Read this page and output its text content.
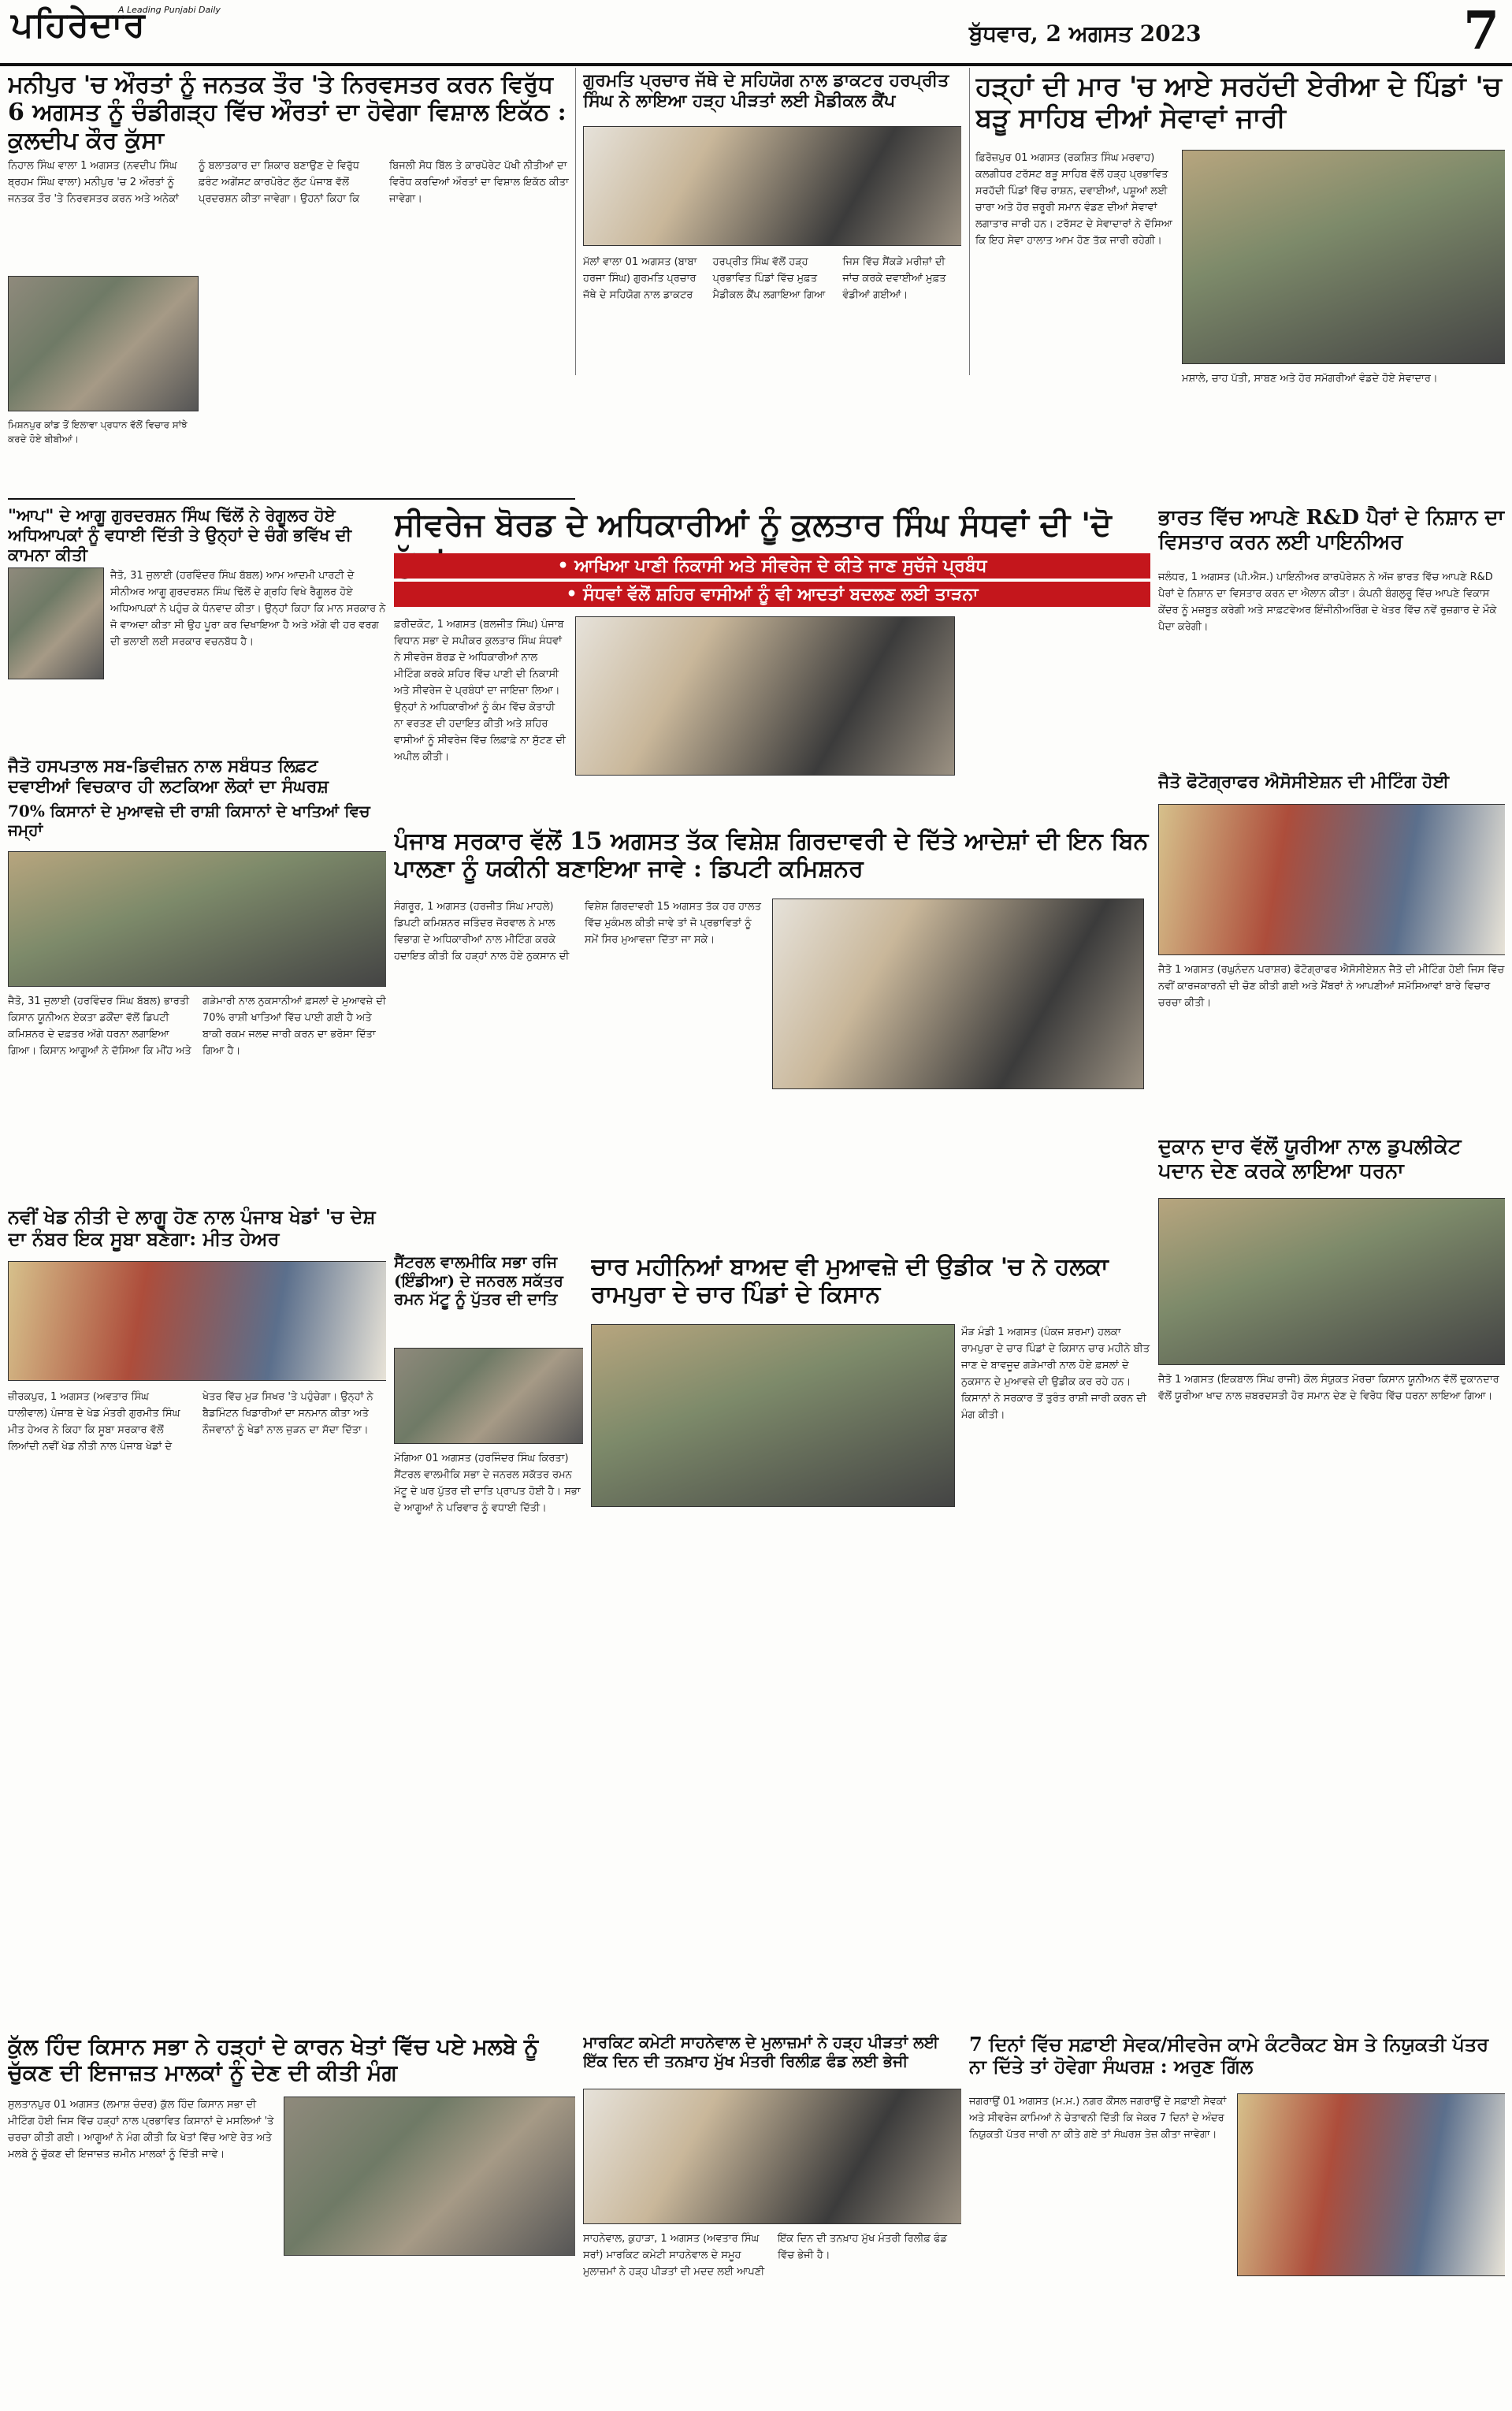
ਪਹਿਰੇਦਾਰ
A Leading Punjabi Daily
ਬੁੱਧਵਾਰ, 2 ਅਗਸਤ 2023	7
ਮਨੀਪੁਰ 'ਚ ਔਰਤਾਂ ਨੂੰ ਜਨਤਕ ਤੌਰ 'ਤੇ ਨਿਰਵਸਤਰ ਕਰਨ ਵਿਰੁੱਧ 6 ਅਗਸਤ ਨੂੰ ਚੰਡੀਗੜ੍ਹ ਵਿੱਚ ਔਰਤਾਂ ਦਾ ਹੋਵੇਗਾ ਵਿਸ਼ਾਲ ਇਕੱਠ : ਕੁਲਦੀਪ ਕੌਰ ਕੁੱਸਾ

ਨਿਹਾਲ ਸਿੰਘ ਵਾਲਾ 1 ਅਗਸਤ (ਨਵਦੀਪ ਸਿੰਘ ਬ੍ਰਹਮ ਸਿੰਘ ਵਾਲਾ) ਮਨੀਪੁਰ 'ਚ 2 ਔਰਤਾਂ ਨੂੰ ਜਨਤਕ ਤੌਰ 'ਤੇ ਨਿਰਵਸਤਰ ਕਰਨ ਅਤੇ ਅਨੇਕਾਂ ਨੂੰ ਬਲਾਤਕਾਰ ਦਾ ਸ਼ਿਕਾਰ ਬਣਾਉਣ ਦੇ ਵਿਰੁੱਧ ਫ਼ਰੰਟ ਅਗੇਂਸਟ ਕਾਰਪੋਰੇਟ ਲੁੱਟ ਪੰਜਾਬ ਵੱਲੋਂ ਪ੍ਰਦਰਸ਼ਨ ਕੀਤਾ ਜਾਵੇਗਾ। ਉਹਨਾਂ ਕਿਹਾ ਕਿ ਬਿਜਲੀ ਸੋਧ ਬਿੱਲ ਤੇ ਕਾਰਪੋਰੇਟ ਪੱਖੀ ਨੀਤੀਆਂ ਦਾ ਵਿਰੋਧ ਕਰਦਿਆਂ ਔਰਤਾਂ ਦਾ ਵਿਸ਼ਾਲ ਇਕੱਠ ਕੀਤਾ ਜਾਵੇਗਾ।

ਮਿਸ਼ਨਪੁਰ ਕਾਂਡ ਤੋਂ ਇਲਾਵਾ ਪ੍ਰਧਾਨ ਵੱਲੋਂ ਵਿਚਾਰ ਸਾਂਝੇ ਕਰਦੇ ਹੋਏ ਬੀਬੀਆਂ।

ਗੁਰਮਤਿ ਪ੍ਰਚਾਰ ਜੱਥੇ ਦੇ ਸਹਿਯੋਗ ਨਾਲ ਡਾਕਟਰ ਹਰਪ੍ਰੀਤ ਸਿੰਘ ਨੇ ਲਾਇਆ ਹੜ੍ਹ ਪੀੜਤਾਂ ਲਈ ਮੈਡੀਕਲ ਕੈਂਪ

ਮੱਲਾਂ ਵਾਲਾ 01 ਅਗਸਤ (ਬਾਬਾ ਹਰਜਾ ਸਿੰਘ) ਗੁਰਮਤਿ ਪ੍ਰਚਾਰ ਜੱਥੇ ਦੇ ਸਹਿਯੋਗ ਨਾਲ ਡਾਕਟਰ ਹਰਪ੍ਰੀਤ ਸਿੰਘ ਵੱਲੋਂ ਹੜ੍ਹ ਪ੍ਰਭਾਵਿਤ ਪਿੰਡਾਂ ਵਿੱਚ ਮੁਫ਼ਤ ਮੈਡੀਕਲ ਕੈਂਪ ਲਗਾਇਆ ਗਿਆ ਜਿਸ ਵਿੱਚ ਸੈਂਕੜੇ ਮਰੀਜ਼ਾਂ ਦੀ ਜਾਂਚ ਕਰਕੇ ਦਵਾਈਆਂ ਮੁਫ਼ਤ ਵੰਡੀਆਂ ਗਈਆਂ।

ਹੜ੍ਹਾਂ ਦੀ ਮਾਰ 'ਚ ਆਏ ਸਰਹੱਦੀ ਏਰੀਆ ਦੇ ਪਿੰਡਾਂ 'ਚ ਬੜੂ ਸਾਹਿਬ ਦੀਆਂ ਸੇਵਾਵਾਂ ਜਾਰੀ

ਫ਼ਿਰੋਜ਼ਪੁਰ 01 ਅਗਸਤ (ਰਕਸ਼ਿਤ ਸਿੰਘ ਮਰਵਾਹ) ਕਲਗੀਧਰ ਟਰੱਸਟ ਬੜੂ ਸਾਹਿਬ ਵੱਲੋਂ ਹੜ੍ਹ ਪ੍ਰਭਾਵਿਤ ਸਰਹੱਦੀ ਪਿੰਡਾਂ ਵਿੱਚ ਰਾਸ਼ਨ, ਦਵਾਈਆਂ, ਪਸ਼ੂਆਂ ਲਈ ਚਾਰਾ ਅਤੇ ਹੋਰ ਜ਼ਰੂਰੀ ਸਮਾਨ ਵੰਡਣ ਦੀਆਂ ਸੇਵਾਵਾਂ ਲਗਾਤਾਰ ਜਾਰੀ ਹਨ। ਟਰੱਸਟ ਦੇ ਸੇਵਾਦਾਰਾਂ ਨੇ ਦੱਸਿਆ ਕਿ ਇਹ ਸੇਵਾ ਹਾਲਾਤ ਆਮ ਹੋਣ ਤੱਕ ਜਾਰੀ ਰਹੇਗੀ।

ਮਸ਼ਾਲੇ, ਚਾਹ ਪੱਤੀ, ਸਾਬਣ ਅਤੇ ਹੋਰ ਸਮੱਗਰੀਆਂ ਵੰਡਦੇ ਹੋਏ ਸੇਵਾਦਾਰ।

"ਆਪ" ਦੇ ਆਗੂ ਗੁਰਦਰਸ਼ਨ ਸਿੰਘ ਢਿੱਲੋਂ ਨੇ ਰੇਗੂਲਰ ਹੋਏ ਅਧਿਆਪਕਾਂ ਨੂੰ ਵਧਾਈ ਦਿੱਤੀ ਤੇ ਉਨ੍ਹਾਂ ਦੇ ਚੰਗੇ ਭਵਿੱਖ ਦੀ ਕਾਮਨਾ ਕੀਤੀ

ਜੈਤੋ, 31 ਜੁਲਾਈ (ਹਰਵਿੰਦਰ ਸਿੰਘ ਬੱਬਲ) ਆਮ ਆਦਮੀ ਪਾਰਟੀ ਦੇ ਸੀਨੀਅਰ ਆਗੂ ਗੁਰਦਰਸ਼ਨ ਸਿੰਘ ਢਿੱਲੋਂ ਦੇ ਗ੍ਰਹਿ ਵਿਖੇ ਰੈਗੂਲਰ ਹੋਏ ਅਧਿਆਪਕਾਂ ਨੇ ਪਹੁੰਚ ਕੇ ਧੰਨਵਾਦ ਕੀਤਾ। ਉਨ੍ਹਾਂ ਕਿਹਾ ਕਿ ਮਾਨ ਸਰਕਾਰ ਨੇ ਜੋ ਵਾਅਦਾ ਕੀਤਾ ਸੀ ਉਹ ਪੂਰਾ ਕਰ ਦਿਖਾਇਆ ਹੈ ਅਤੇ ਅੱਗੇ ਵੀ ਹਰ ਵਰਗ ਦੀ ਭਲਾਈ ਲਈ ਸਰਕਾਰ ਵਚਨਬੱਧ ਹੈ।

ਸੀਵਰੇਜ ਬੋਰਡ ਦੇ ਅਧਿਕਾਰੀਆਂ ਨੂੰ ਕੁਲਤਾਰ ਸਿੰਘ ਸੰਧਵਾਂ ਦੀ 'ਦੋ
• ਆਖਿਆ ਪਾਣੀ ਨਿਕਾਸੀ ਅਤੇ ਸੀਵਰੇਜ ਦੇ ਕੀਤੇ ਜਾਣ ਸੁਚੱਜੇ ਪ੍ਰਬੰਧ
• ਸੰਧਵਾਂ ਵੱਲੋਂ ਸ਼ਹਿਰ ਵਾਸੀਆਂ ਨੂੰ ਵੀ ਆਦਤਾਂ ਬਦਲਣ ਲਈ ਤਾੜਨਾ

ਫ਼ਰੀਦਕੋਟ, 1 ਅਗਸਤ (ਬਲਜੀਤ ਸਿੰਘ) ਪੰਜਾਬ ਵਿਧਾਨ ਸਭਾ ਦੇ ਸਪੀਕਰ ਕੁਲਤਾਰ ਸਿੰਘ ਸੰਧਵਾਂ ਨੇ ਸੀਵਰੇਜ ਬੋਰਡ ਦੇ ਅਧਿਕਾਰੀਆਂ ਨਾਲ ਮੀਟਿੰਗ ਕਰਕੇ ਸ਼ਹਿਰ ਵਿੱਚ ਪਾਣੀ ਦੀ ਨਿਕਾਸੀ ਅਤੇ ਸੀਵਰੇਜ ਦੇ ਪ੍ਰਬੰਧਾਂ ਦਾ ਜਾਇਜ਼ਾ ਲਿਆ। ਉਨ੍ਹਾਂ ਨੇ ਅਧਿਕਾਰੀਆਂ ਨੂੰ ਕੰਮ ਵਿੱਚ ਕੋਤਾਹੀ ਨਾ ਵਰਤਣ ਦੀ ਹਦਾਇਤ ਕੀਤੀ ਅਤੇ ਸ਼ਹਿਰ ਵਾਸੀਆਂ ਨੂੰ ਸੀਵਰੇਜ ਵਿੱਚ ਲਿਫ਼ਾਫ਼ੇ ਨਾ ਸੁੱਟਣ ਦੀ ਅਪੀਲ ਕੀਤੀ।

ਭਾਰਤ ਵਿੱਚ ਆਪਣੇ R&D ਪੈਰਾਂ ਦੇ ਨਿਸ਼ਾਨ ਦਾ ਵਿਸਤਾਰ ਕਰਨ ਲਈ ਪਾਇਨੀਅਰ

ਜਲੰਧਰ, 1 ਅਗਸਤ (ਪੀ.ਐਸ.) ਪਾਇਨੀਅਰ ਕਾਰਪੋਰੇਸ਼ਨ ਨੇ ਅੱਜ ਭਾਰਤ ਵਿੱਚ ਆਪਣੇ R&D ਪੈਰਾਂ ਦੇ ਨਿਸ਼ਾਨ ਦਾ ਵਿਸਤਾਰ ਕਰਨ ਦਾ ਐਲਾਨ ਕੀਤਾ। ਕੰਪਨੀ ਬੰਗਲੁਰੂ ਵਿੱਚ ਆਪਣੇ ਵਿਕਾਸ ਕੇਂਦਰ ਨੂੰ ਮਜ਼ਬੂਤ ਕਰੇਗੀ ਅਤੇ ਸਾਫ਼ਟਵੇਅਰ ਇੰਜੀਨੀਅਰਿੰਗ ਦੇ ਖੇਤਰ ਵਿੱਚ ਨਵੇਂ ਰੁਜ਼ਗਾਰ ਦੇ ਮੌਕੇ ਪੈਦਾ ਕਰੇਗੀ।

ਜੈਤੋ ਹਸਪਤਾਲ ਸਬ-ਡਿਵੀਜ਼ਨ ਨਾਲ ਸਬੰਧਤ ਲਿਫ਼ਟ ਦਵਾਈਆਂ ਵਿਚਕਾਰ ਹੀ ਲਟਕਿਆ ਲੋਕਾਂ ਦਾ ਸੰਘਰਸ਼
70% ਕਿਸਾਨਾਂ ਦੇ ਮੁਆਵਜ਼ੇ ਦੀ ਰਾਸ਼ੀ ਕਿਸਾਨਾਂ ਦੇ ਖਾਤਿਆਂ ਵਿਚ ਜਮ੍ਹਾਂ

ਜੈਤੋ, 31 ਜੁਲਾਈ (ਹਰਵਿੰਦਰ ਸਿੰਘ ਬੱਬਲ) ਭਾਰਤੀ ਕਿਸਾਨ ਯੂਨੀਅਨ ਏਕਤਾ ਡਕੌਂਦਾ ਵੱਲੋਂ ਡਿਪਟੀ ਕਮਿਸ਼ਨਰ ਦੇ ਦਫ਼ਤਰ ਅੱਗੇ ਧਰਨਾ ਲਗਾਇਆ ਗਿਆ। ਕਿਸਾਨ ਆਗੂਆਂ ਨੇ ਦੱਸਿਆ ਕਿ ਮੀਂਹ ਅਤੇ ਗੜੇਮਾਰੀ ਨਾਲ ਨੁਕਸਾਨੀਆਂ ਫ਼ਸਲਾਂ ਦੇ ਮੁਆਵਜ਼ੇ ਦੀ 70% ਰਾਸ਼ੀ ਖਾਤਿਆਂ ਵਿੱਚ ਪਾਈ ਗਈ ਹੈ ਅਤੇ ਬਾਕੀ ਰਕਮ ਜਲਦ ਜਾਰੀ ਕਰਨ ਦਾ ਭਰੋਸਾ ਦਿੱਤਾ ਗਿਆ ਹੈ।

ਜੈਤੋ ਫੋਟੋਗ੍ਰਾਫਰ ਐਸੋਸੀਏਸ਼ਨ ਦੀ ਮੀਟਿੰਗ ਹੋਈ

ਜੈਤੋ 1 ਅਗਸਤ (ਰਘੁਨੰਦਨ ਪਰਾਸ਼ਰ) ਫੋਟੋਗ੍ਰਾਫਰ ਐਸੋਸੀਏਸ਼ਨ ਜੈਤੋ ਦੀ ਮੀਟਿੰਗ ਹੋਈ ਜਿਸ ਵਿੱਚ ਨਵੀਂ ਕਾਰਜਕਾਰਨੀ ਦੀ ਚੋਣ ਕੀਤੀ ਗਈ ਅਤੇ ਮੈਂਬਰਾਂ ਨੇ ਆਪਣੀਆਂ ਸਮੱਸਿਆਵਾਂ ਬਾਰੇ ਵਿਚਾਰ ਚਰਚਾ ਕੀਤੀ।

ਪੰਜਾਬ ਸਰਕਾਰ ਵੱਲੋਂ 15 ਅਗਸਤ ਤੱਕ ਵਿਸ਼ੇਸ਼ ਗਿਰਦਾਵਰੀ ਦੇ ਦਿੱਤੇ ਆਦੇਸ਼ਾਂ ਦੀ ਇਨ ਬਿਨ ਪਾਲਣਾ ਨੂੰ ਯਕੀਨੀ ਬਣਾਇਆ ਜਾਵੇ : ਡਿਪਟੀ ਕਮਿਸ਼ਨਰ

ਸੰਗਰੂਰ, 1 ਅਗਸਤ (ਹਰਜੀਤ ਸਿੰਘ ਮਾਹਲੇ) ਡਿਪਟੀ ਕਮਿਸ਼ਨਰ ਜਤਿੰਦਰ ਜੋਰਵਾਲ ਨੇ ਮਾਲ ਵਿਭਾਗ ਦੇ ਅਧਿਕਾਰੀਆਂ ਨਾਲ ਮੀਟਿੰਗ ਕਰਕੇ ਹਦਾਇਤ ਕੀਤੀ ਕਿ ਹੜ੍ਹਾਂ ਨਾਲ ਹੋਏ ਨੁਕਸਾਨ ਦੀ ਵਿਸ਼ੇਸ਼ ਗਿਰਦਾਵਰੀ 15 ਅਗਸਤ ਤੱਕ ਹਰ ਹਾਲਤ ਵਿੱਚ ਮੁਕੰਮਲ ਕੀਤੀ ਜਾਵੇ ਤਾਂ ਜੋ ਪ੍ਰਭਾਵਿਤਾਂ ਨੂੰ ਸਮੇਂ ਸਿਰ ਮੁਆਵਜ਼ਾ ਦਿੱਤਾ ਜਾ ਸਕੇ।

ਨਵੀਂ ਖੇਡ ਨੀਤੀ ਦੇ ਲਾਗੂ ਹੋਣ ਨਾਲ ਪੰਜਾਬ ਖੇਡਾਂ 'ਚ ਦੇਸ਼ ਦਾ ਨੰਬਰ ਇਕ ਸੂਬਾ ਬਣੇਗਾ: ਮੀਤ ਹੇਅਰ

ਜ਼ੀਰਕਪੁਰ, 1 ਅਗਸਤ (ਅਵਤਾਰ ਸਿੰਘ ਧਾਲੀਵਾਲ) ਪੰਜਾਬ ਦੇ ਖੇਡ ਮੰਤਰੀ ਗੁਰਮੀਤ ਸਿੰਘ ਮੀਤ ਹੇਅਰ ਨੇ ਕਿਹਾ ਕਿ ਸੂਬਾ ਸਰਕਾਰ ਵੱਲੋਂ ਲਿਆਂਦੀ ਨਵੀਂ ਖੇਡ ਨੀਤੀ ਨਾਲ ਪੰਜਾਬ ਖੇਡਾਂ ਦੇ ਖੇਤਰ ਵਿੱਚ ਮੁੜ ਸਿਖਰ 'ਤੇ ਪਹੁੰਚੇਗਾ। ਉਨ੍ਹਾਂ ਨੇ ਬੈਡਮਿੰਟਨ ਖਿਡਾਰੀਆਂ ਦਾ ਸਨਮਾਨ ਕੀਤਾ ਅਤੇ ਨੌਜਵਾਨਾਂ ਨੂੰ ਖੇਡਾਂ ਨਾਲ ਜੁੜਨ ਦਾ ਸੱਦਾ ਦਿੱਤਾ।

ਦੁਕਾਨ ਦਾਰ ਵੱਲੋਂ ਯੂਰੀਆ ਨਾਲ ਡੁਪਲੀਕੇਟ ਪਦਾਨ ਦੇਣ ਕਰਕੇ ਲਾਇਆ ਧਰਨਾ

ਜੈਤੋ 1 ਅਗਸਤ (ਇਕਬਾਲ ਸਿੰਘ ਰਾਜੀ) ਕੋਲ ਸੰਯੁਕਤ ਮੋਰਚਾ ਕਿਸਾਨ ਯੂਨੀਅਨ ਵੱਲੋਂ ਦੁਕਾਨਦਾਰ ਵੱਲੋਂ ਯੂਰੀਆ ਖਾਦ ਨਾਲ ਜ਼ਬਰਦਸਤੀ ਹੋਰ ਸਮਾਨ ਦੇਣ ਦੇ ਵਿਰੋਧ ਵਿੱਚ ਧਰਨਾ ਲਾਇਆ ਗਿਆ।

ਸੈਂਟਰਲ ਵਾਲਮੀਕਿ ਸਭਾ ਰਜਿ (ਇੰਡੀਆ) ਦੇ ਜਨਰਲ ਸਕੱਤਰ ਰਮਨ ਮੱਟੂ ਨੂੰ ਪੁੱਤਰ ਦੀ ਦਾਤਿ

ਮੋਗਿਆ 01 ਅਗਸਤ (ਹਰਜਿੰਦਰ ਸਿੰਘ ਕਿਰਤਾ) ਸੈਂਟਰਲ ਵਾਲਮੀਕਿ ਸਭਾ ਦੇ ਜਨਰਲ ਸਕੱਤਰ ਰਮਨ ਮੱਟੂ ਦੇ ਘਰ ਪੁੱਤਰ ਦੀ ਦਾਤਿ ਪ੍ਰਾਪਤ ਹੋਈ ਹੈ। ਸਭਾ ਦੇ ਆਗੂਆਂ ਨੇ ਪਰਿਵਾਰ ਨੂੰ ਵਧਾਈ ਦਿੱਤੀ।

ਚਾਰ ਮਹੀਨਿਆਂ ਬਾਅਦ ਵੀ ਮੁਆਵਜ਼ੇ ਦੀ ਉਡੀਕ 'ਚ ਨੇ ਹਲਕਾ ਰਾਮਪੁਰਾ ਦੇ ਚਾਰ ਪਿੰਡਾਂ ਦੇ ਕਿਸਾਨ

ਮੌੜ ਮੰਡੀ 1 ਅਗਸਤ (ਪੰਕਜ ਸ਼ਰਮਾ) ਹਲਕਾ ਰਾਮਪੁਰਾ ਦੇ ਚਾਰ ਪਿੰਡਾਂ ਦੇ ਕਿਸਾਨ ਚਾਰ ਮਹੀਨੇ ਬੀਤ ਜਾਣ ਦੇ ਬਾਵਜੂਦ ਗੜੇਮਾਰੀ ਨਾਲ ਹੋਏ ਫ਼ਸਲਾਂ ਦੇ ਨੁਕਸਾਨ ਦੇ ਮੁਆਵਜ਼ੇ ਦੀ ਉਡੀਕ ਕਰ ਰਹੇ ਹਨ। ਕਿਸਾਨਾਂ ਨੇ ਸਰਕਾਰ ਤੋਂ ਤੁਰੰਤ ਰਾਸ਼ੀ ਜਾਰੀ ਕਰਨ ਦੀ ਮੰਗ ਕੀਤੀ।

ਕੁੱਲ ਹਿੰਦ ਕਿਸਾਨ ਸਭਾ ਨੇ ਹੜ੍ਹਾਂ ਦੇ ਕਾਰਨ ਖੇਤਾਂ ਵਿੱਚ ਪਏ ਮਲਬੇ ਨੂੰ ਚੁੱਕਣ ਦੀ ਇਜਾਜ਼ਤ ਮਾਲਕਾਂ ਨੂੰ ਦੇਣ ਦੀ ਕੀਤੀ ਮੰਗ

ਸੁਲਤਾਨਪੁਰ 01 ਅਗਸਤ (ਲਮਾਸ਼ ਚੰਦਰ) ਕੁੱਲ ਹਿੰਦ ਕਿਸਾਨ ਸਭਾ ਦੀ ਮੀਟਿੰਗ ਹੋਈ ਜਿਸ ਵਿੱਚ ਹੜ੍ਹਾਂ ਨਾਲ ਪ੍ਰਭਾਵਿਤ ਕਿਸਾਨਾਂ ਦੇ ਮਸਲਿਆਂ 'ਤੇ ਚਰਚਾ ਕੀਤੀ ਗਈ। ਆਗੂਆਂ ਨੇ ਮੰਗ ਕੀਤੀ ਕਿ ਖੇਤਾਂ ਵਿੱਚ ਆਏ ਰੇਤ ਅਤੇ ਮਲਬੇ ਨੂੰ ਚੁੱਕਣ ਦੀ ਇਜਾਜ਼ਤ ਜ਼ਮੀਨ ਮਾਲਕਾਂ ਨੂੰ ਦਿੱਤੀ ਜਾਵੇ।

ਮਾਰਕਿਟ ਕਮੇਟੀ ਸਾਹਨੇਵਾਲ ਦੇ ਮੁਲਾਜ਼ਮਾਂ ਨੇ ਹੜ੍ਹ ਪੀੜਤਾਂ ਲਈ ਇੱਕ ਦਿਨ ਦੀ ਤਨਖ਼ਾਹ ਮੁੱਖ ਮੰਤਰੀ ਰਿਲੀਫ਼ ਫੰਡ ਲਈ ਭੇਜੀ

ਸਾਹਨੇਵਾਲ, ਕੁਹਾੜਾ, 1 ਅਗਸਤ (ਅਵਤਾਰ ਸਿੰਘ ਸਰਾਂ) ਮਾਰਕਿਟ ਕਮੇਟੀ ਸਾਹਨੇਵਾਲ ਦੇ ਸਮੂਹ ਮੁਲਾਜ਼ਮਾਂ ਨੇ ਹੜ੍ਹ ਪੀੜਤਾਂ ਦੀ ਮਦਦ ਲਈ ਆਪਣੀ ਇੱਕ ਦਿਨ ਦੀ ਤਨਖ਼ਾਹ ਮੁੱਖ ਮੰਤਰੀ ਰਿਲੀਫ਼ ਫੰਡ ਵਿੱਚ ਭੇਜੀ ਹੈ।

7 ਦਿਨਾਂ ਵਿੱਚ ਸਫ਼ਾਈ ਸੇਵਕ/ਸੀਵਰੇਜ ਕਾਮੇ ਕੰਟਰੈਕਟ ਬੇਸ ਤੇ ਨਿਯੁਕਤੀ ਪੱਤਰ ਨਾ ਦਿੱਤੇ ਤਾਂ ਹੋਵੇਗਾ ਸੰਘਰਸ਼ : ਅਰੁਣ ਗਿੱਲ

ਜਗਰਾਉਂ 01 ਅਗਸਤ (ਮ.ਮ.) ਨਗਰ ਕੌਂਸਲ ਜਗਰਾਉਂ ਦੇ ਸਫ਼ਾਈ ਸੇਵਕਾਂ ਅਤੇ ਸੀਵਰੇਜ ਕਾਮਿਆਂ ਨੇ ਚੇਤਾਵਨੀ ਦਿੱਤੀ ਕਿ ਜੇਕਰ 7 ਦਿਨਾਂ ਦੇ ਅੰਦਰ ਨਿਯੁਕਤੀ ਪੱਤਰ ਜਾਰੀ ਨਾ ਕੀਤੇ ਗਏ ਤਾਂ ਸੰਘਰਸ਼ ਤੇਜ਼ ਕੀਤਾ ਜਾਵੇਗਾ।
